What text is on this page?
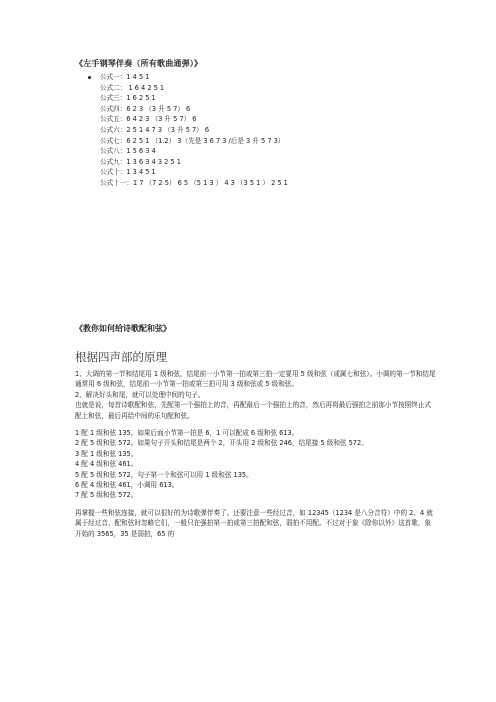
《左手钢琴伴奏（所有歌曲通弹）》
公式一：1 4 5 1
公式二： 1 6 4 2 5 1
公式三：1 6 2 5 1
公式四：6 2 3 （3 升 5 7） 6
公式五：6 4 2 3 （3 升 5 7） 6
公式六：2 5 1 4 7 3 （3 升 5 7） 6
公式七：6 2 5 1 （1.2） 3（先是 3 6 7 3 /后是 3 升 5 7 3）
公式八：1 5 6 3 4
公式九：1 3 6 3 4 3 2 5 1
公式十：1 3 4 5 1
公式十一：1 7 （7 2 5） 6 5 （5 1 3 ） 4 3 （3 5 1 ） 2 5 1
《教你如何给诗歌配和弦》
根据四声部的原理

1、大调的第一节和结尾用 1 级和弦，结尾前一小节第一拍或第三拍一定要用 5 级和弦（或属七和弦）。小调的第一节和结尾通常用 6 级和弦，结尾前一小节第一拍或第三拍可用 3 级和弦或 5 级和弦。

2、解决好头和尾，就可以处理中间的句子。

也就是说，每首诗歌配和弦，先配第一个强拍上的音，再配最后一个强拍上的音，然后再将最后强拍之前那小节按照终止式配上和弦，最后再给中间的乐句配和弦。

1 配 1 级和弦 135。如果后面小节第一拍是 6，1 可以配成 6 级和弦 613。

2 配 5 级和弦 572。如果句子开头和结尾是两个 2，开头用 2 级和弦 246，结尾接 5 级和弦 572。

3 配 1 级和弦 135。

4 配 4 级和弦 461。

5 配 5 级和弦 572，句子第一个和弦可以用 1 级和弦 135。

6 配 4 级和弦 461，小调用 613。

7 配 5 级和弦 572。

再掌握一些和弦连接，就可以很好的为诗歌弹伴奏了。还要注意一些经过音，如 12345（1234 是八分音符）中的 2、4 就属于经过音，配和弦时忽略它们，一般只在强拍第一拍或第三拍配和弦，弱拍不用配。不过对于象《除你以外》这首歌，象开始的 3565，35 是弱拍，65 的
